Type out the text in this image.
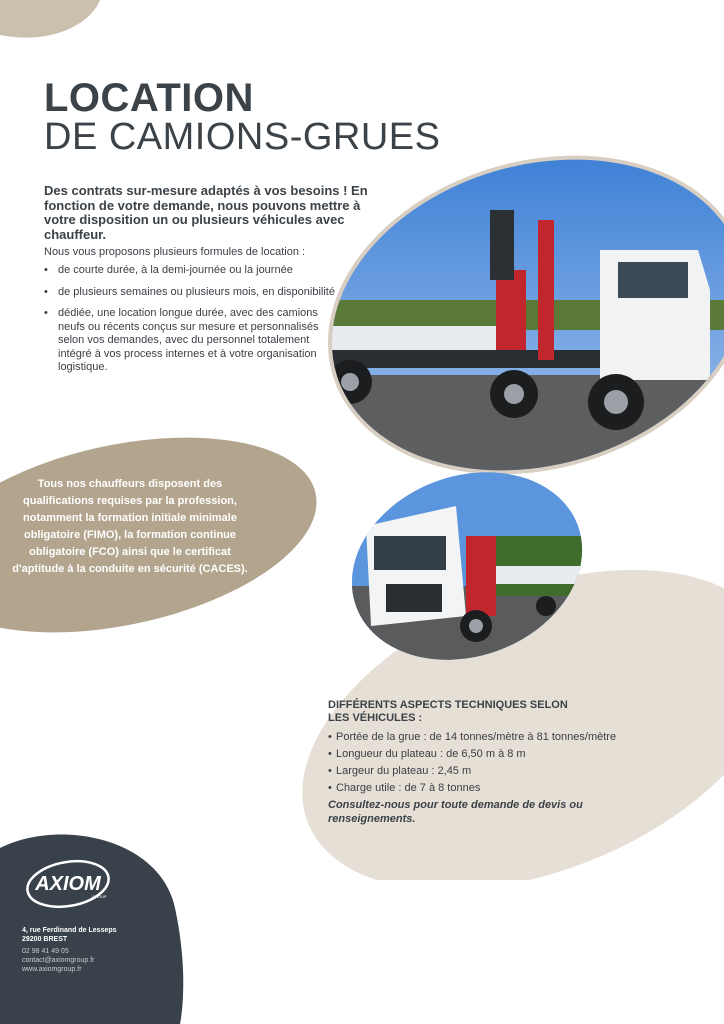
LOCATION
DE CAMIONS-GRUES
Des contrats sur-mesure adaptés à vos besoins ! En fonction de votre demande, nous pouvons mettre à votre disposition un ou plusieurs véhicules avec chauffeur.
Nous vous proposons plusieurs formules de location :
• de courte durée, à la demi-journée ou la journée
• de plusieurs semaines ou plusieurs mois, en disponibilité
• dédiée, une location longue durée, avec des camions neufs ou récents conçus sur mesure et personnalisés selon vos demandes, avec du personnel totalement intégré à vos process internes et à votre organisation logistique.
Tous nos chauffeurs disposent des qualifications requises par la profession, notamment la formation initiale minimale obligatoire (FIMO), la formation continue obligatoire (FCO) ainsi que le certificat d'aptitude à la conduite en sécurité (CACES).
DIFFÉRENTS ASPECTS TECHNIQUES SELON LES VÉHICULES :
• Portée de la grue : de 14 tonnes/mètre à 81 tonnes/mètre
• Longueur du plateau : de 6,50 m à 8 m
• Largeur du plateau : 2,45 m
• Charge utile : de 7 à 8 tonnes
Consultez-nous pour toute demande de devis ou renseignements.
AXIOM
GROUP
4, rue Ferdinand de Lesseps
29200 BREST
02 98 41 49 05
contact@axiomgroup.fr
www.axiomgroup.fr
